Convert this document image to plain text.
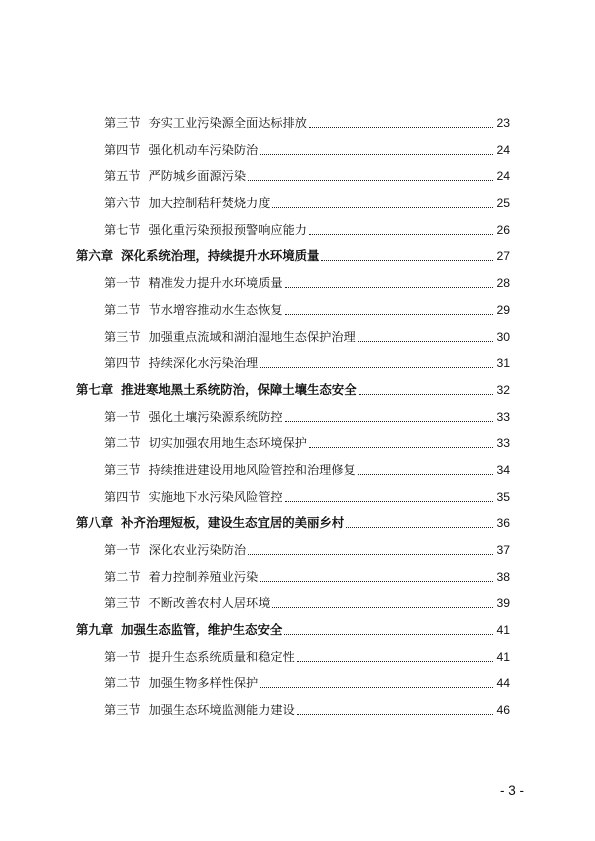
第三节 夯实工业污染源全面达标排放	23
第四节 强化机动车污染防治	24
第五节 严防城乡面源污染	24
第六节 加大控制秸秆焚烧力度	25
第七节 强化重污染预报预警响应能力	26
第六章 深化系统治理，持续提升水环境质量	27
第一节 精准发力提升水环境质量	28
第二节 节水增容推动水生态恢复	29
第三节 加强重点流域和湖泊湿地生态保护治理	30
第四节 持续深化水污染治理	31
第七章 推进寒地黑土系统防治，保障土壤生态安全	32
第一节 强化土壤污染源系统防控	33
第二节 切实加强农用地生态环境保护	33
第三节 持续推进建设用地风险管控和治理修复	34
第四节 实施地下水污染风险管控	35
第八章 补齐治理短板，建设生态宜居的美丽乡村	36
第一节 深化农业污染防治	37
第二节 着力控制养殖业污染	38
第三节 不断改善农村人居环境	39
第九章 加强生态监管，维护生态安全	41
第一节 提升生态系统质量和稳定性	41
第二节 加强生物多样性保护	44
第三节 加强生态环境监测能力建设	46
- 3 -
